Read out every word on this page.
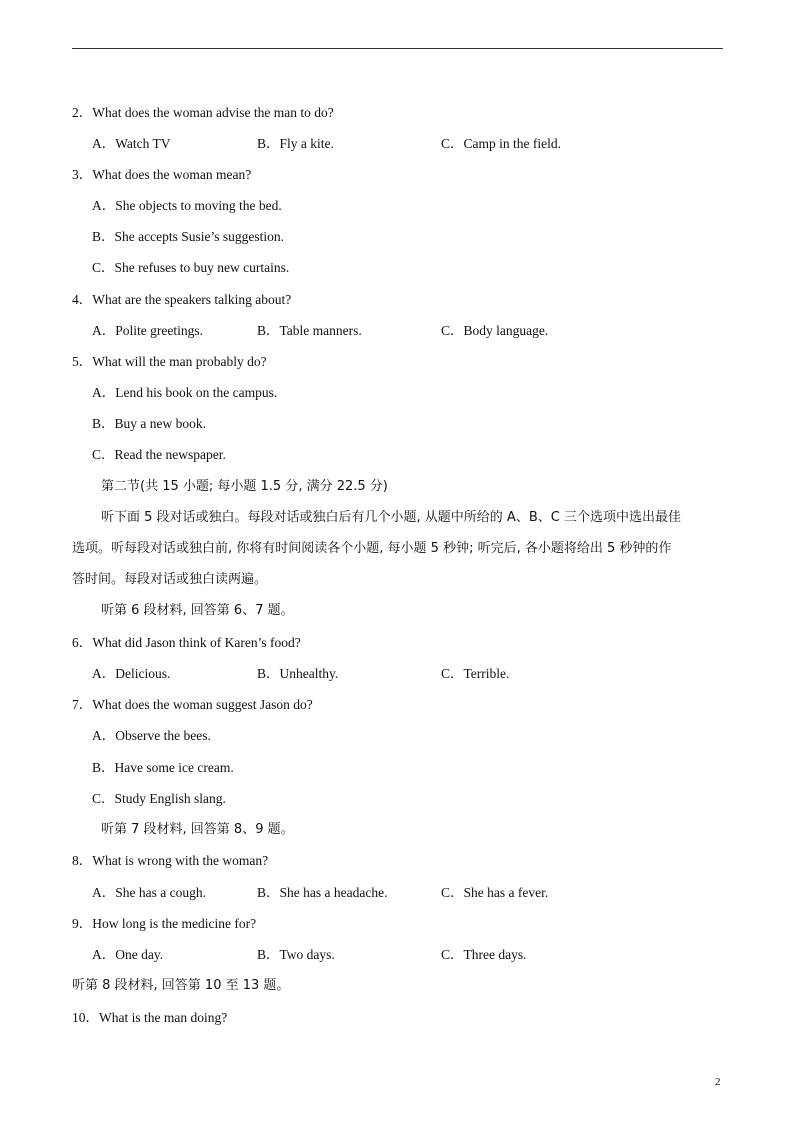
2．What does the woman advise the man to do?
A．Watch TV	B．Fly a kite.	C．Camp in the field.
3．What does the woman mean?
A．She objects to moving the bed.
B．She accepts Susie’s suggestion.
C．She refuses to buy new curtains.
4．What are the speakers talking about?
A．Polite greetings.	B．Table manners.	C．Body language.
5．What will the man probably do?
A．Lend his book on the campus.
B．Buy a new book.
C．Read the newspaper.
第二节(共 15 小题; 每小题 1.5 分, 满分 22.5 分)
听下面 5 段对话或独白。每段对话或独白后有几个小题, 从题中所给的 A、B、C 三个选项中选出最佳
选项。听每段对话或独白前, 你将有时间阅读各个小题, 每小题 5 秒钟; 听完后, 各小题将给出 5 秒钟的作
答时间。每段对话或独白读两遍。
听第 6 段材料, 回答第 6、7 题。
6．What did Jason think of Karen’s food?
A．Delicious.	B．Unhealthy.	C．Terrible.
7．What does the woman suggest Jason do?
A．Observe the bees.
B．Have some ice cream.
C．Study English slang.
听第 7 段材料, 回答第 8、9 题。
8．What is wrong with the woman?
A．She has a cough.	B．She has a headache.	C．She has a fever.
9．How long is the medicine for?
A．One day.	B．Two days.	C．Three days.
听第 8 段材料, 回答第 10 至 13 题。
10．What is the man doing?
2
